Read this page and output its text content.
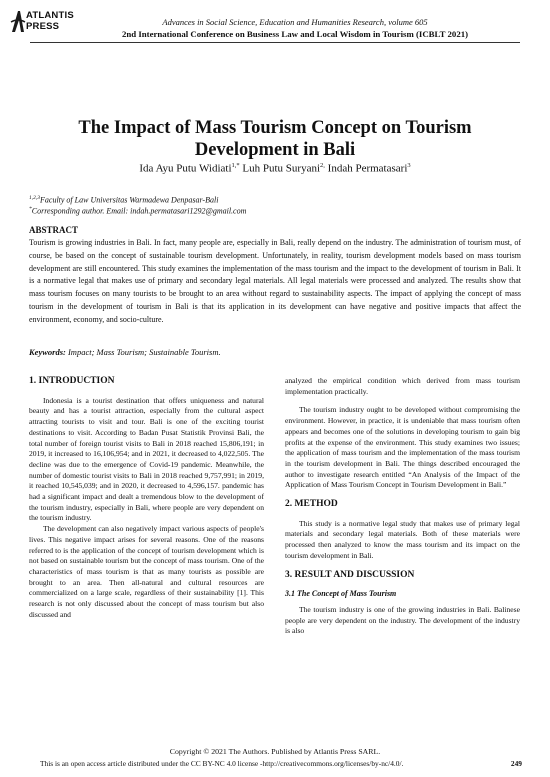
ATLANTIS
PRESS	Advances in Social Science, Education and Humanities Research, volume 605
2nd International Conference on Business Law and Local Wisdom in Tourism (ICBLT 2021)
The Impact of Mass Tourism Concept on Tourism
Development in Bali
Ida Ayu Putu Widiati$^{1,*}$ Luh Putu Suryani$^{2,}$ Indah Permatasari$^3$
$^{1,2,3}$Faculty of Law Universitas Warmadewa Denpasar-Bali
*Corresponding author. Email: indah.permatasari1292@gmail.com
ABSTRACT
Tourism is growing industries in Bali. In fact, many people are, especially in Bali, really depend on the industry. The administration of tourism must, of course, be based on the concept of sustainable tourism development. Unfortunately, in reality, tourism development models based on mass tourism development are still encountered. This study examines the implementation of the mass tourism and the impact to the development of tourism in Bali. It is a normative legal that makes use of primary and secondary legal materials. All legal materials were processed and analyzed. The results show that mass tourism focuses on many tourists to be brought to an area without regard to sustainability aspects. The impact of applying the concept of mass tourism in the development of tourism in Bali is that its application in its development can have negative and positive impacts that affect the environment, economy, and socio-culture.
Keywords: Impact; Mass Tourism; Sustainable Tourism.
1. INTRODUCTION

Indonesia is a tourist destination that offers uniqueness and natural beauty and has a tourist attraction, especially from the cultural aspect attracting tourists to visit and tour. Bali is one of the exciting tourist destinations to visit. According to Badan Pusat Statistik Provinsi Bali, the total number of foreign tourist visits to Bali in 2018 reached 15,806,191; in 2019, it increased to 16,106,954; and in 2021, it decreased to 4,022,505. The decline was due to the emergence of Covid-19 pandemic. Meanwhile, the number of domestic tourist visits to Bali in 2018 reached 9,757,991; in 2019, it reached 10,545,039; and in 2020, it decreased to 4,596,157. pandemic has had a significant impact and dealt a tremendous blow to the development of the tourism industry, especially in Bali, where people are very dependent on the tourism industry.

The development can also negatively impact various aspects of people's lives. This negative impact arises for several reasons. One of the reasons referred to is the application of the concept of tourism development which is not based on sustainable tourism but the concept of mass tourism. One of the characteristics of mass tourism is that as many tourists as possible are brought to an area. Then all-natural and cultural resources are commercialized on a large scale, regardless of their sustainability [1]. This research is not only discussed about the concept of mass tourism but also discussed and

analyzed the empirical condition which derived from mass tourism implementation practically.

The tourism industry ought to be developed without compromising the environment. However, in practice, it is undeniable that mass tourism often appears and becomes one of the solutions in developing tourism to gain big profits at the expense of the environment. This study examines two issues; the application of mass tourism and the implementation of the mass tourism in the tourism development in Bali. The things described encouraged the author to investigate research entitled “An Analysis of the Impact of the Application of Mass Tourism Concept in Tourism Development in Bali.”

2. METHOD

This study is a normative legal study that makes use of primary legal materials and secondary legal materials. Both of these materials were processed then analyzed to know the mass tourism and its impact on the tourism development in Bali.

3. RESULT AND DISCUSSION
3.1 The Concept of Mass Tourism

The tourism industry is one of the growing industries in Bali. Balinese people are very dependent on the industry. The development of the industry is also

Copyright © 2021 The Authors. Published by Atlantis Press SARL.
This is an open access article distributed under the CC BY-NC 4.0 license -http://creativecommons.org/licenses/by-nc/4.0/.	249
